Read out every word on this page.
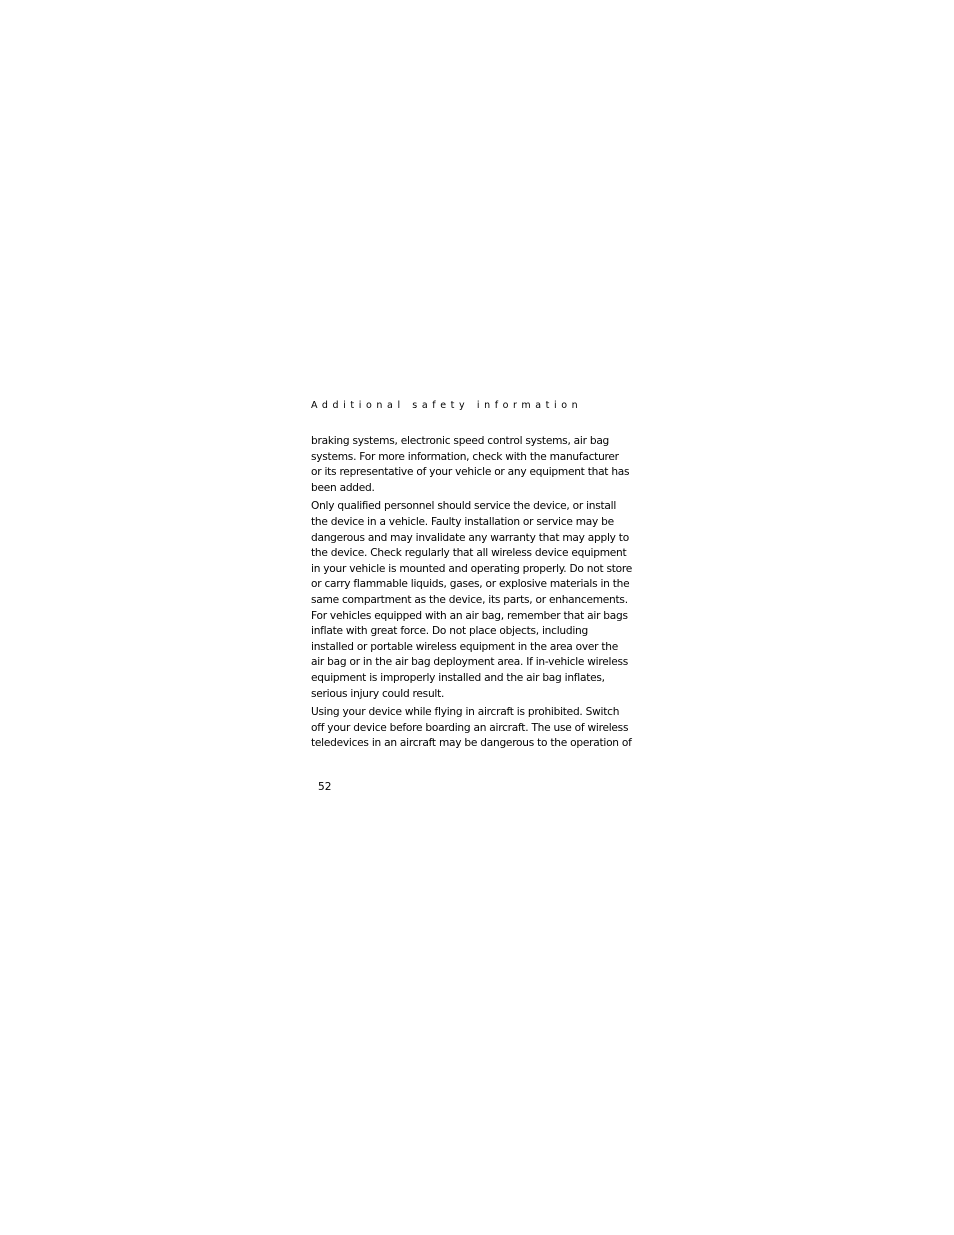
Additional safety information

braking systems, electronic speed control systems, air bag
systems. For more information, check with the manufacturer
or its representative of your vehicle or any equipment that has
been added.

Only qualified personnel should service the device, or install
the device in a vehicle. Faulty installation or service may be
dangerous and may invalidate any warranty that may apply to
the device. Check regularly that all wireless device equipment
in your vehicle is mounted and operating properly. Do not store
or carry flammable liquids, gases, or explosive materials in the
same compartment as the device, its parts, or enhancements.
For vehicles equipped with an air bag, remember that air bags
inflate with great force. Do not place objects, including
installed or portable wireless equipment in the area over the
air bag or in the air bag deployment area. If in-vehicle wireless
equipment is improperly installed and the air bag inflates,
serious injury could result.

Using your device while flying in aircraft is prohibited. Switch
off your device before boarding an aircraft. The use of wireless
teledevices in an aircraft may be dangerous to the operation of

52
